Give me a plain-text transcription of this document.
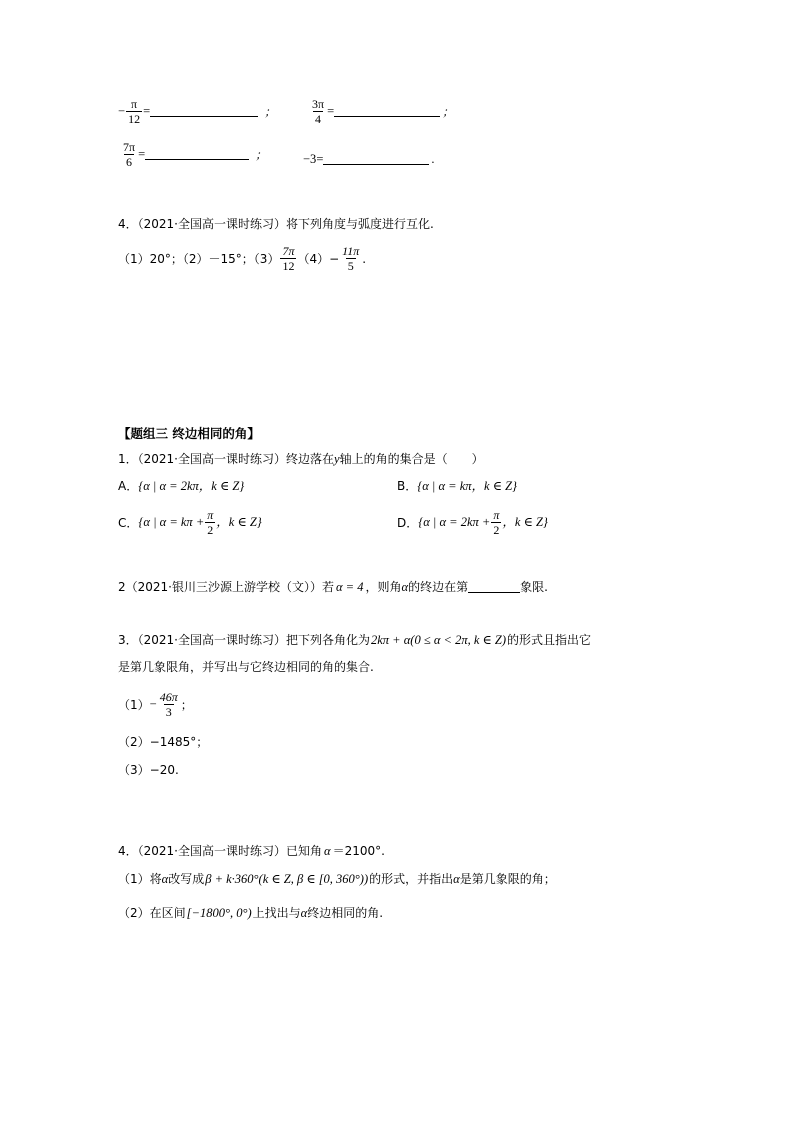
− $\frac{\pi}{12}$ =	；	$\frac{3\pi}{4}$ =	；
$\frac{7\pi}{6}$ =	；	−3 =	.
4．（2021·全国高一课时练习）将下列角度与弧度进行互化.
（1）20°；（2）－15°；$(3) \frac{7\pi}{12} (4)- \frac{11\pi}{5}$ .
【题组三 终边相同的角】
1．（2021·全国高一课时练习）终边落在y轴上的角的集合是（　　）
A．{α | α = 2kπ，k ∈ Z}	B．{α | α = kπ，k ∈ Z}
C． {α | $\alpha = k\pi + \frac{\pi}{2}$ ，k ∈ Z}	D． {α | $\alpha = 2k\pi + \frac{\pi}{2}$ ，k ∈ Z}
2（2021·银川三沙源上游学校（文））若 α = 4 ，则角 α 的终边在第	象限.
3．（2021·全国高一课时练习）把下列各角化为 2kπ + α(0 ≤ α < 2π, k ∈ Z) 的形式且指出它
是第几象限角，并写出与它终边相同的角的集合.
$(1) - \frac{46\pi}{3}$ ；
（2）−1485°；
（3）−20.
4．（2021·全国高一课时练习）已知角 α ＝2100°.
（1）将 α 改写成 β + k·360°(k ∈ Z, β ∈ [0, 360°)) 的形式，并指出 α 是第几象限的角；
（2）在区间 [−1800°, 0°) 上找出与 α 终边相同的角.
